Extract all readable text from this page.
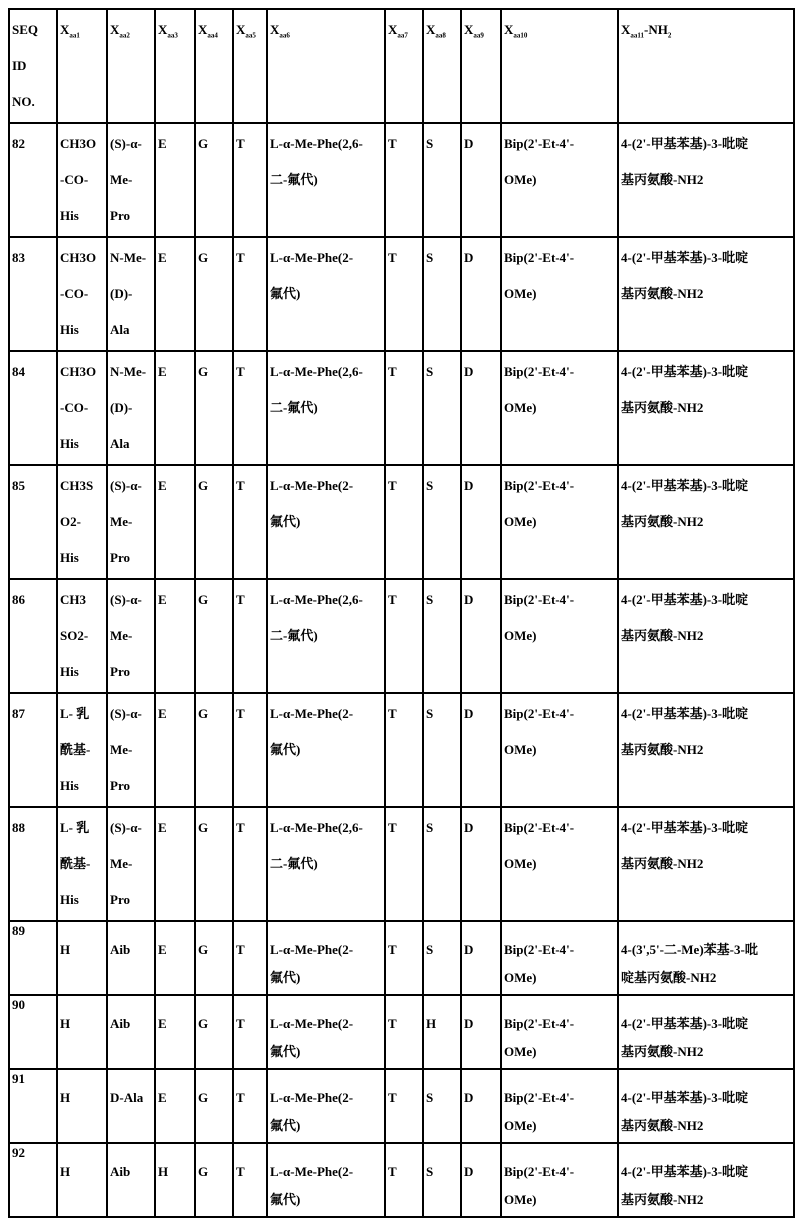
SEQ
ID
NO.	Xaa1	Xaa2	Xaa3	Xaa4	Xaa5	Xaa6	Xaa7	Xaa8	Xaa9	Xaa10	Xaa11-NH2
82	CH3O
-CO-
His	(S)-α-
Me-
Pro	E	G	T	L-α-Me-Phe(2,6-
二-氟代)	T	S	D	Bip(2'-Et-4'-
OMe)	4-(2'-甲基苯基)-3-吡啶
基丙氨酸-NH2
83	CH3O
-CO-
His	N-Me-
(D)-
Ala	E	G	T	L-α-Me-Phe(2-
氟代)	T	S	D	Bip(2'-Et-4'-
OMe)	4-(2'-甲基苯基)-3-吡啶
基丙氨酸-NH2
84	CH3O
-CO-
His	N-Me-
(D)-
Ala	E	G	T	L-α-Me-Phe(2,6-
二-氟代)	T	S	D	Bip(2'-Et-4'-
OMe)	4-(2'-甲基苯基)-3-吡啶
基丙氨酸-NH2
85	CH3S
O2-
His	(S)-α-
Me-
Pro	E	G	T	L-α-Me-Phe(2-
氟代)	T	S	D	Bip(2'-Et-4'-
OMe)	4-(2'-甲基苯基)-3-吡啶
基丙氨酸-NH2
86	CH3
SO2-
His	(S)-α-
Me-
Pro	E	G	T	L-α-Me-Phe(2,6-
二-氟代)	T	S	D	Bip(2'-Et-4'-
OMe)	4-(2'-甲基苯基)-3-吡啶
基丙氨酸-NH2
87	L- 乳
酰基-
His	(S)-α-
Me-
Pro	E	G	T	L-α-Me-Phe(2-
氟代)	T	S	D	Bip(2'-Et-4'-
OMe)	4-(2'-甲基苯基)-3-吡啶
基丙氨酸-NH2
88	L- 乳
酰基-
His	(S)-α-
Me-
Pro	E	G	T	L-α-Me-Phe(2,6-
二-氟代)	T	S	D	Bip(2'-Et-4'-
OMe)	4-(2'-甲基苯基)-3-吡啶
基丙氨酸-NH2

89
	H	Aib	E	G	T	L-α-Me-Phe(2-
氟代)	T	S	D	Bip(2'-Et-4'-
OMe)	4-(3',5'-二-Me)苯基-3-吡
啶基丙氨酸-NH2

90
	H	Aib	E	G	T	L-α-Me-Phe(2-
氟代)	T	H	D	Bip(2'-Et-4'-
OMe)	4-(2'-甲基苯基)-3-吡啶
基丙氨酸-NH2

91
	H	D-Ala	E	G	T	L-α-Me-Phe(2-
氟代)	T	S	D	Bip(2'-Et-4'-
OMe)	4-(2'-甲基苯基)-3-吡啶
基丙氨酸-NH2

92
	H	Aib	H	G	T	L-α-Me-Phe(2-
氟代)	T	S	D	Bip(2'-Et-4'-
OMe)	4-(2'-甲基苯基)-3-吡啶
基丙氨酸-NH2
